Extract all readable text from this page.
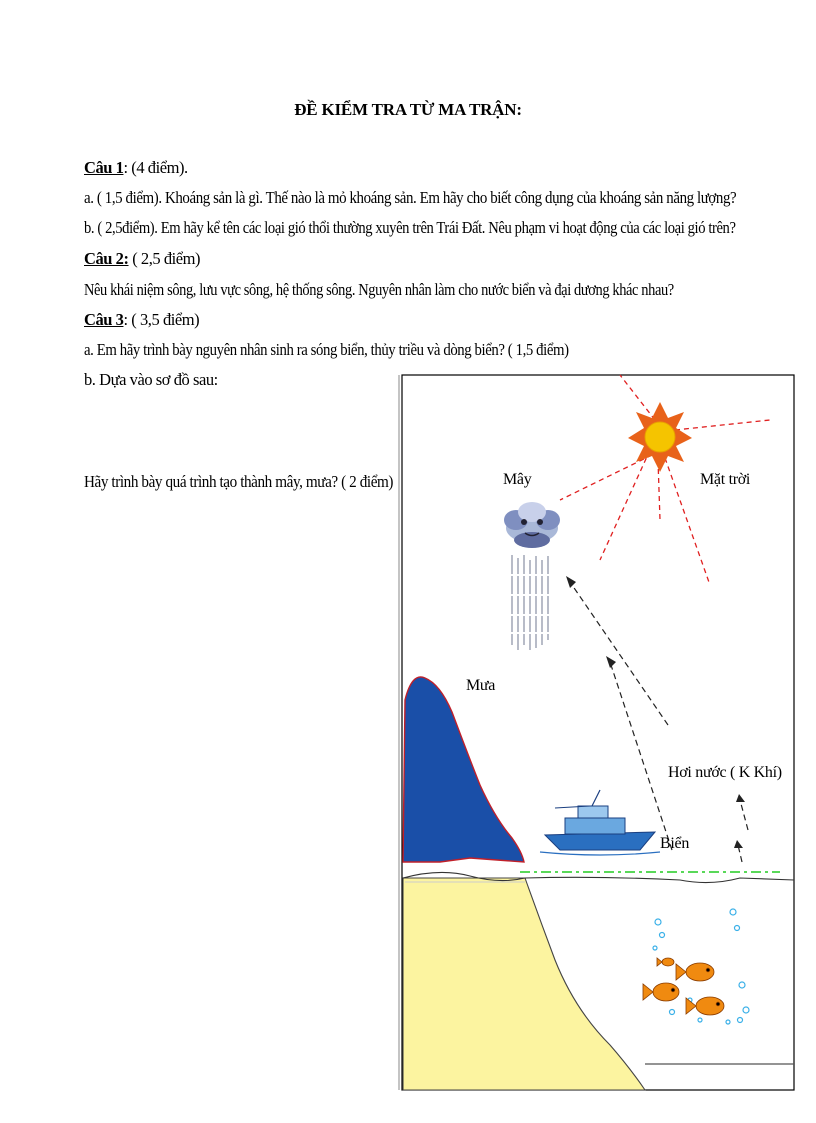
ĐỀ KIỂM TRA TỪ MA TRẬN:
Câu 1: (4 điểm).
a. ( 1,5 điểm). Khoáng sản là gì. Thế nào là mỏ khoáng sản. Em hãy cho biết công dụng của khoáng sản năng lượng?
b. ( 2,5điểm). Em hãy kể tên các loại gió thổi thường xuyên trên Trái Đất. Nêu phạm vi hoạt động của các loại gió trên?
Câu 2: ( 2,5 điểm)
Nêu khái niệm sông, lưu vực sông, hệ thống sông. Nguyên nhân làm cho nước biển và đại dương khác nhau?
Câu 3: ( 3,5 điểm)
a. Em hãy trình bày nguyên nhân sinh ra sóng biển, thủy triều và dòng biển? ( 1,5 điểm)
b. Dựa vào sơ đồ sau:
Hãy trình bày quá trình tạo thành mây, mưa? ( 2 điểm)	Mây	Mặt trời
Mưa
Hơi nước ( K Khí)
Biển
